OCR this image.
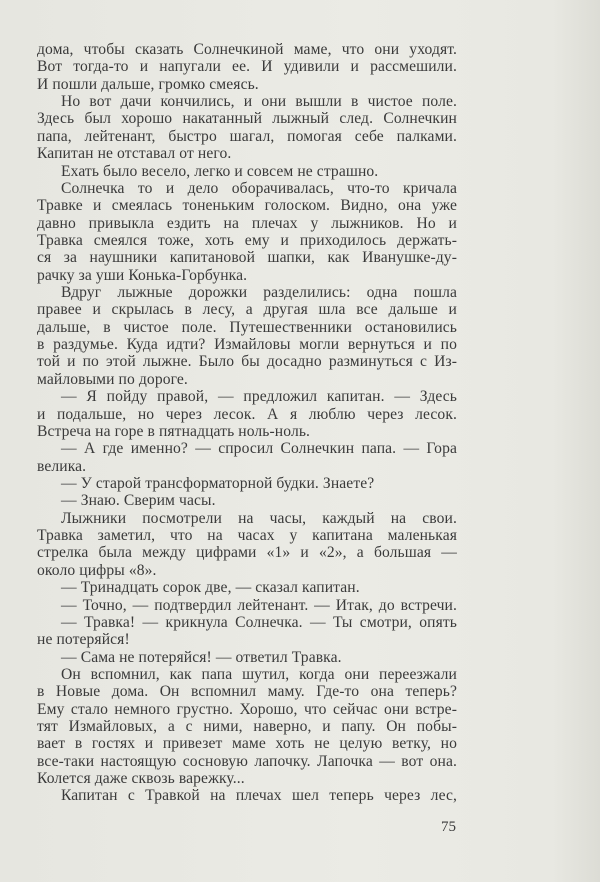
дома, чтобы сказать Солнечкиной маме, что они уходят.
Вот тогда-то и напугали ее. И удивили и рассмешили.
И пошли дальше, громко смеясь.
Но вот дачи кончились, и они вышли в чистое поле.
Здесь был хорошо накатанный лыжный след. Солнечкин
папа, лейтенант, быстро шагал, помогая себе палками.
Капитан не отставал от него.
Ехать было весело, легко и совсем не страшно.
Солнечка то и дело оборачивалась, что-то кричала
Травке и смеялась тоненьким голоском. Видно, она уже
давно привыкла ездить на плечах у лыжников. Но и
Травка смеялся тоже, хоть ему и приходилось держать-
ся за наушники капитановой шапки, как Иванушке-ду-
рачку за уши Конька-Горбунка.
Вдруг лыжные дорожки разделились: одна пошла
правее и скрылась в лесу, а другая шла все дальше и
дальше, в чистое поле. Путешественники остановились
в раздумье. Куда идти? Измайловы могли вернуться и по
той и по этой лыжне. Было бы досадно разминуться с Из-
майловыми по дороге.
— Я пойду правой, — предложил капитан. — Здесь
и подальше, но через лесок. А я люблю через лесок.
Встреча на горе в пятнадцать ноль-ноль.
— А где именно? — спросил Солнечкин папа. — Гора
велика.
— У старой трансформаторной будки. Знаете?
— Знаю. Сверим часы.
Лыжники посмотрели на часы, каждый на свои.
Травка заметил, что на часах у капитана маленькая
стрелка была между цифрами «1» и «2», а большая —
около цифры «8».
— Тринадцать сорок две, — сказал капитан.
— Точно, — подтвердил лейтенант. — Итак, до встречи.
— Травка! — крикнула Солнечка. — Ты смотри, опять
не потеряйся!
— Сама не потеряйся! — ответил Травка.
Он вспомнил, как папа шутил, когда они переезжали
в Новые дома. Он вспомнил маму. Где-то она теперь?
Ему стало немного грустно. Хорошо, что сейчас они встре-
тят Измайловых, а с ними, наверно, и папу. Он побы-
вает в гостях и привезет маме хоть не целую ветку, но
все-таки настоящую сосновую лапочку. Лапочка — вот она.
Колется даже сквозь варежку...
Капитан с Травкой на плечах шел теперь через лес,
75
